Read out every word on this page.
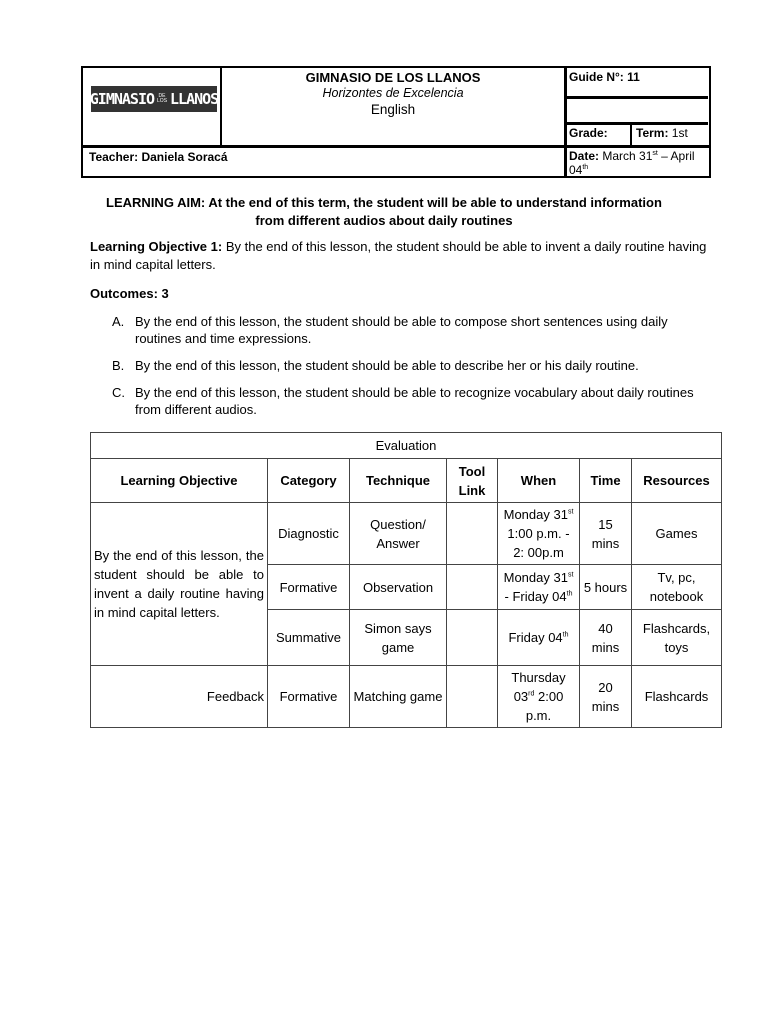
GIMNASIO DE LOS LLANOS
GIMNASIO DE LOS LLANOS
Horizontes de Excelencia
English
Guide N°: 11
Grade: Term: 1st
Teacher: Daniela Soracá	Date: March 31st – April 04th
LEARNING AIM: At the end of this term, the student will be able to understand information from different audios about daily routines
Learning Objective 1: By the end of this lesson, the student should be able to invent a daily routine having in mind capital letters.
Outcomes: 3
A. By the end of this lesson, the student should be able to compose short sentences using daily routines and time expressions.
B. By the end of this lesson, the student should be able to describe her or his daily routine.
C. By the end of this lesson, the student should be able to recognize vocabulary about daily routines from different audios.
Evaluation						
Learning Objective	Category	Technique	Tool Link	When	Time	Resources
By the end of this lesson, the student should be able to invent a daily routine having in mind capital letters.	Diagnostic	Question/ Answer		Monday 31st 1:00 p.m. - 2: 00p.m	15 mins	Games
	Formative	Observation		Monday 31st - Friday 04th	5 hours	Tv, pc, notebook
	Summative	Simon says game		Friday 04th	40 mins	Flashcards, toys
Feedback	Formative	Matching game		Thursday 03rd 2:00 p.m.	20 mins	Flashcards
